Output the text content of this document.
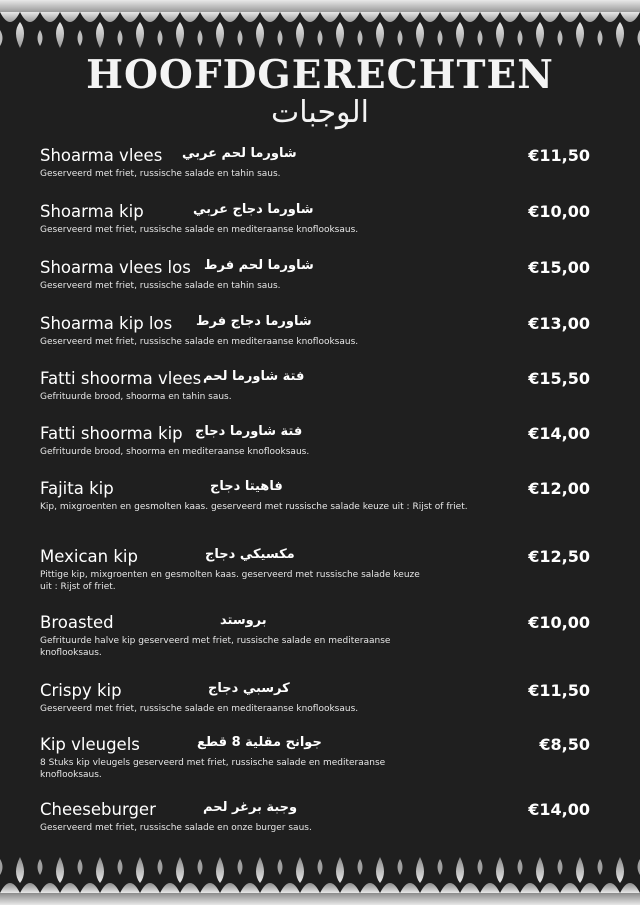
HOOFDGERECHTEN
الوجبات
Shoarma vlees شاورما لحم عربي
Geserveerd met friet, russische salade en tahin saus.
€11,50
Shoarma kip	شاورما دجاج عربي
Geserveerd met friet, russische salade en mediteraanse knoflooksaus.
€10,00
Shoarma vlees los شاورما لحم فرط
Geserveerd met friet, russische salade en tahin saus.
€15,00
Shoarma kip los شاورما دجاج فرط
Geserveerd met friet, russische salade en mediteraanse knoflooksaus.
€13,00
Fatti shoorma vlees فتة شاورما لحم
Gefrituurde brood, shoorma en tahin saus.
€15,50
Fatti shoorma kip فتة شاورما دجاج
Gefrituurde brood, shoorma en mediteraanse knoflooksaus.
€14,00
Fajita kip	فاهيتا دجاج
Kip, mixgroenten en gesmolten kaas. geserveerd met russische salade keuze uit : Rijst of friet.
€12,00
Mexican kip	مكسيكي دجاج
Pittige kip, mixgroenten en gesmolten kaas. geserveerd met russische salade keuze uit : Rijst of friet.
€12,50
Broasted	بروستد
Gefrituurde halve kip geserveerd met friet, russische salade en mediteraanse knoflooksaus.
€10,00
Crispy kip	كرسبي دجاج
Geserveerd met friet, russische salade en mediteraanse knoflooksaus.
€11,50
Kip vleugels	جوانح مقلية 8 قطع
8 Stuks kip vleugels geserveerd met friet, russische salade en mediteraanse knoflooksaus.
€8,50
Cheeseburger	وجبة برغر لحم
Geserveerd met friet, russische salade en onze burger saus.
€14,00
